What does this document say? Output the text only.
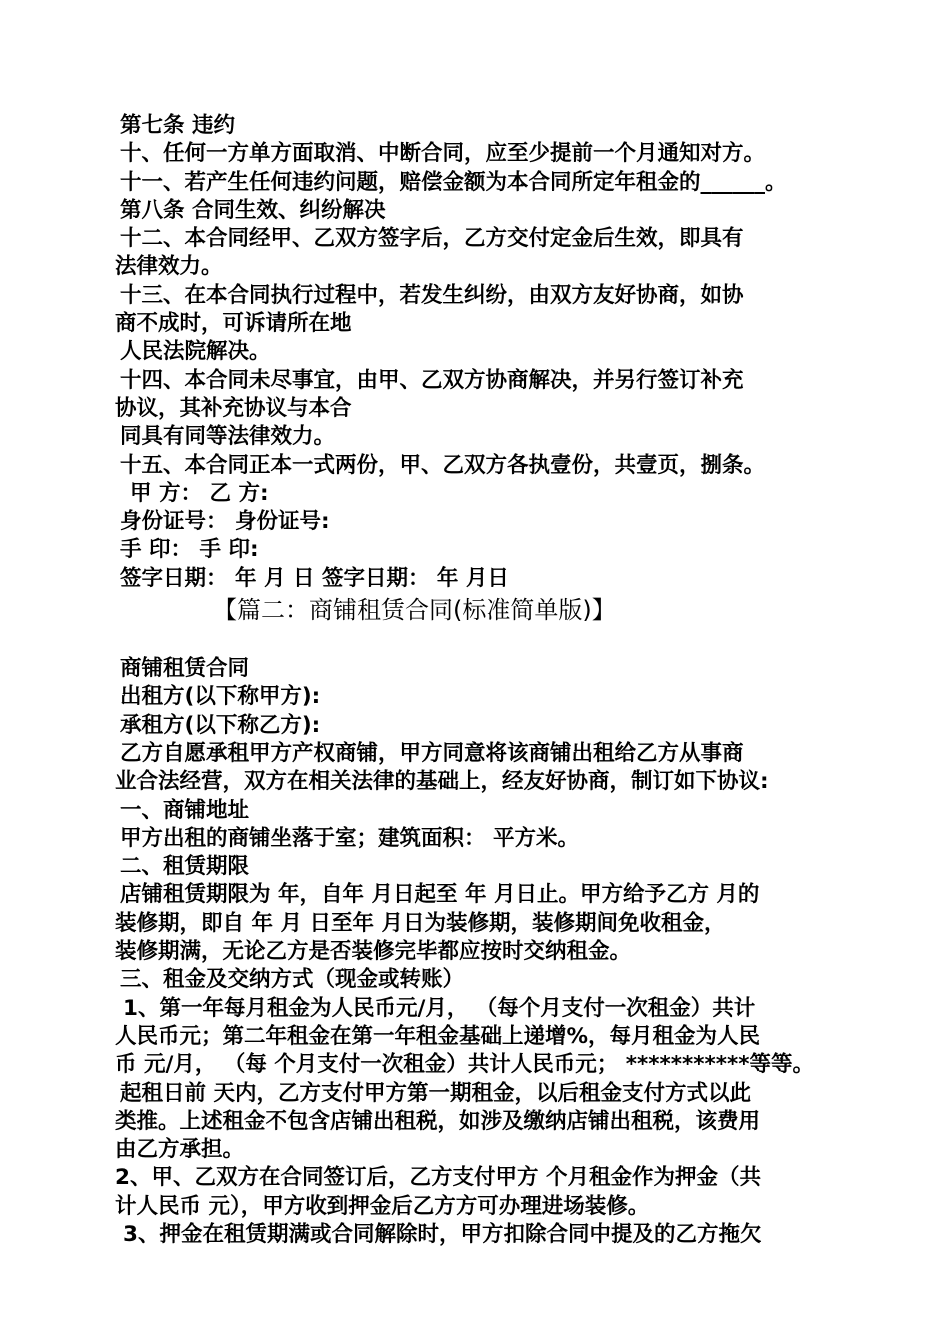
第七条 违约
十、任何一方单方面取消、中断合同，应至少提前一个月通知对方。
十一、若产生任何违约问题，赔偿金额为本合同所定年租金的______。
第八条 合同生效、纠纷解决
十二、本合同经甲、乙双方签字后，乙方交付定金后生效，即具有
法律效力。
十三、在本合同执行过程中，若发生纠纷，由双方友好协商，如协
商不成时，可诉请所在地
人民法院解决。
十四、本合同未尽事宜，由甲、乙双方协商解决，并另行签订补充
协议，其补充协议与本合
同具有同等法律效力。
十五、本合同正本一式两份，甲、乙双方各执壹份，共壹页，捌条。
甲 方： 乙 方:
身份证号： 身份证号:
手 印： 手 印:
签字日期： 年 月 日 签字日期： 年 月日
【篇二：商铺租赁合同(标准简单版)】
商铺租赁合同
出租方(以下称甲方):
承租方(以下称乙方):
乙方自愿承租甲方产权商铺，甲方同意将该商铺出租给乙方从事商
业合法经营，双方在相关法律的基础上，经友好协商，制订如下协议:
一、商铺地址
甲方出租的商铺坐落于室；建筑面积： 平方米。
二、租赁期限
店铺租赁期限为 年，自年 月日起至 年 月日止。甲方给予乙方 月的
装修期，即自 年 月 日至年 月日为装修期，装修期间免收租金，
装修期满，无论乙方是否装修完毕都应按时交纳租金。
三、租金及交纳方式（现金或转账）
1、第一年每月租金为人民币元/月， （每个月支付一次租金）共计
人民币元；第二年租金在第一年租金基础上递增%，每月租金为人民
币 元/月， （每 个月支付一次租金）共计人民币元； ***********等等。
起租日前 天内，乙方支付甲方第一期租金，以后租金支付方式以此
类推。上述租金不包含店铺出租税，如涉及缴纳店铺出租税，该费用
由乙方承担。
2、甲、乙双方在合同签订后，乙方支付甲方 个月租金作为押金（共
计人民币 元），甲方收到押金后乙方方可办理进场装修。
3、押金在租赁期满或合同解除时，甲方扣除合同中提及的乙方拖欠
